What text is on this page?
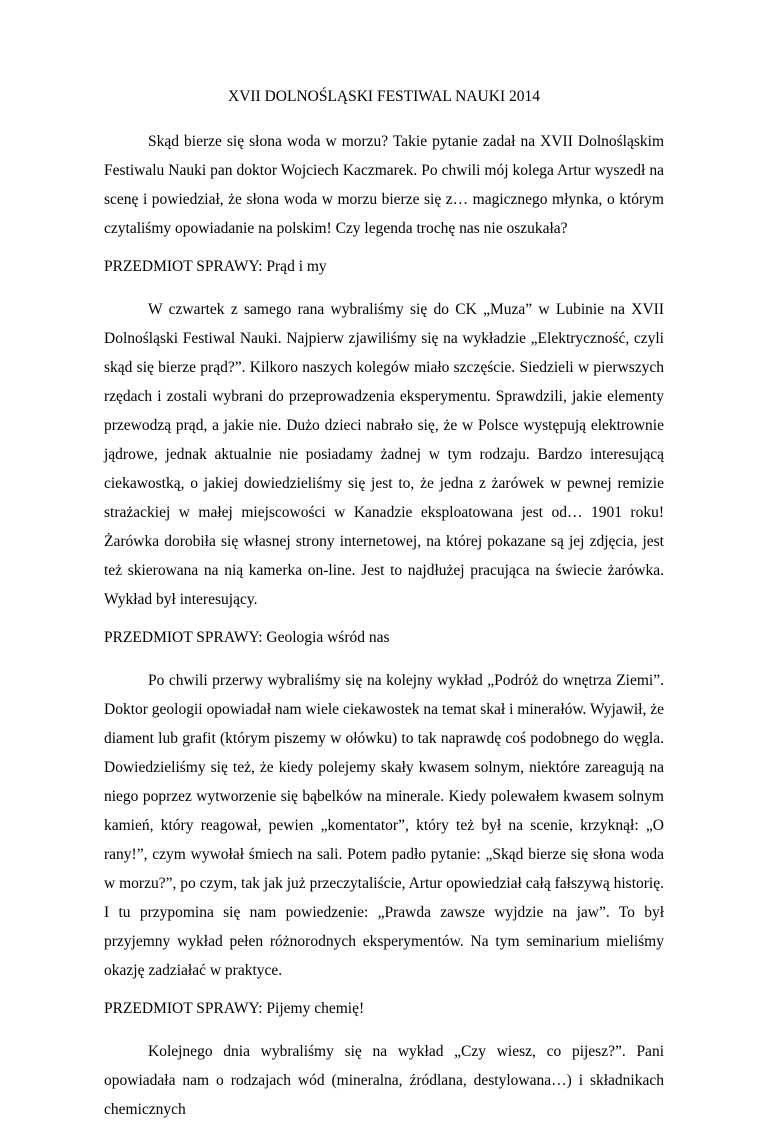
XVII DOLNOŚLĄSKI FESTIWAL NAUKI 2014

Skąd bierze się słona woda w morzu? Takie pytanie zadał na XVII Dolnośląskim Festiwalu Nauki pan doktor Wojciech Kaczmarek. Po chwili mój kolega Artur wyszedł na scenę i powiedział, że słona woda w morzu bierze się z… magicznego młynka, o którym czytaliśmy opowiadanie na polskim! Czy legenda trochę nas nie oszukała?

PRZEDMIOT SPRAWY: Prąd i my

W czwartek z samego rana wybraliśmy się do CK „Muza” w Lubinie na XVII Dolnośląski Festiwal Nauki. Najpierw zjawiliśmy się na wykładzie „Elektryczność, czyli skąd się bierze prąd?”. Kilkoro naszych kolegów miało szczęście. Siedzieli w pierwszych rzędach i zostali wybrani do przeprowadzenia eksperymentu. Sprawdzili, jakie elementy przewodzą prąd, a jakie nie. Dużo dzieci nabrało się, że w Polsce występują elektrownie jądrowe, jednak aktualnie nie posiadamy żadnej w tym rodzaju. Bardzo interesującą ciekawostką, o jakiej dowiedzieliśmy się jest to, że jedna z żarówek w pewnej remizie strażackiej w małej miejscowości w Kanadzie eksploatowana jest od… 1901 roku! Żarówka dorobiła się własnej strony internetowej, na której pokazane są jej zdjęcia, jest też skierowana na nią kamerka on-line. Jest to najdłużej pracująca na świecie żarówka. Wykład był interesujący.

PRZEDMIOT SPRAWY: Geologia wśród nas

Po chwili przerwy wybraliśmy się na kolejny wykład „Podróż do wnętrza Ziemi”. Doktor geologii opowiadał nam wiele ciekawostek na temat skał i minerałów. Wyjawił, że diament lub grafit (którym piszemy w ołówku) to tak naprawdę coś podobnego do węgla. Dowiedzieliśmy się też, że kiedy polejemy skały kwasem solnym, niektóre zareagują na niego poprzez wytworzenie się bąbelków na minerale. Kiedy polewałem kwasem solnym kamień, który reagował, pewien „komentator”, który też był na scenie, krzyknął: „O rany!”, czym wywołał śmiech na sali. Potem padło pytanie: „Skąd bierze się słona woda w morzu?”, po czym, tak jak już przeczytaliście, Artur opowiedział całą fałszywą historię. I tu przypomina się nam powiedzenie: „Prawda zawsze wyjdzie na jaw”. To był przyjemny wykład pełen różnorodnych eksperymentów. Na tym seminarium mieliśmy okazję zadziałać w praktyce.

PRZEDMIOT SPRAWY: Pijemy chemię!

Kolejnego dnia wybraliśmy się na wykład „Czy wiesz, co pijesz?”. Pani opowiadała nam o rodzajach wód (mineralna, źródlana, destylowana…) i składnikach chemicznych
